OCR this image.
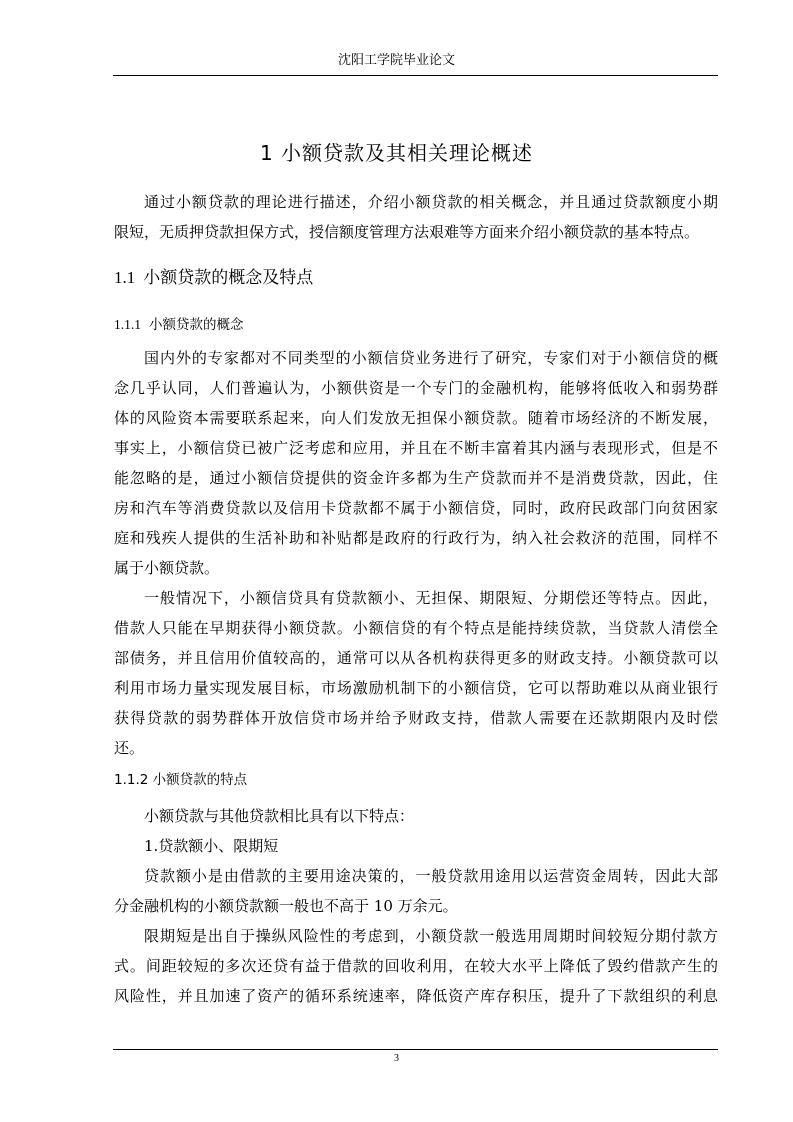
沈阳工学院毕业论文
1 小额贷款及其相关理论概述
通过小额贷款的理论进行描述，介绍小额贷款的相关概念，并且通过贷款额度小期
限短，无质押贷款担保方式，授信额度管理方法艰难等方面来介绍小额贷款的基本特点。
1.1 小额贷款的概念及特点
1.1.1 小额贷款的概念
国内外的专家都对不同类型的小额信贷业务进行了研究，专家们对于小额信贷的概
念几乎认同，人们普遍认为，小额供资是一个专门的金融机构，能够将低收入和弱势群
体的风险资本需要联系起来，向人们发放无担保小额贷款。随着市场经济的不断发展，
事实上，小额信贷已被广泛考虑和应用，并且在不断丰富着其内涵与表现形式，但是不
能忽略的是，通过小额信贷提供的资金许多都为生产贷款而并不是消费贷款，因此，住
房和汽车等消费贷款以及信用卡贷款都不属于小额信贷，同时，政府民政部门向贫困家
庭和残疾人提供的生活补助和补贴都是政府的行政行为，纳入社会救济的范围，同样不
属于小额贷款。
一般情况下，小额信贷具有贷款额小、无担保、期限短、分期偿还等特点。因此，
借款人只能在早期获得小额贷款。小额信贷的有个特点是能持续贷款，当贷款人清偿全
部债务，并且信用价值较高的，通常可以从各机构获得更多的财政支持。小额贷款可以
利用市场力量实现发展目标，市场激励机制下的小额信贷，它可以帮助难以从商业银行
获得贷款的弱势群体开放信贷市场并给予财政支持，借款人需要在还款期限内及时偿
还。
1.1.2 小额贷款的特点
小额贷款与其他贷款相比具有以下特点：
1.贷款额小、限期短
贷款额小是由借款的主要用途决策的，一般贷款用途用以运营资金周转，因此大部
分金融机构的小额贷款额一般也不高于 10 万余元。
限期短是出自于操纵风险性的考虑到，小额贷款一般选用周期时间较短分期付款方
式。间距较短的多次还贷有益于借款的回收利用，在较大水平上降低了毁约借款产生的
风险性，并且加速了资产的循环系统速率，降低资产库存积压，提升了下款组织的利息
3
